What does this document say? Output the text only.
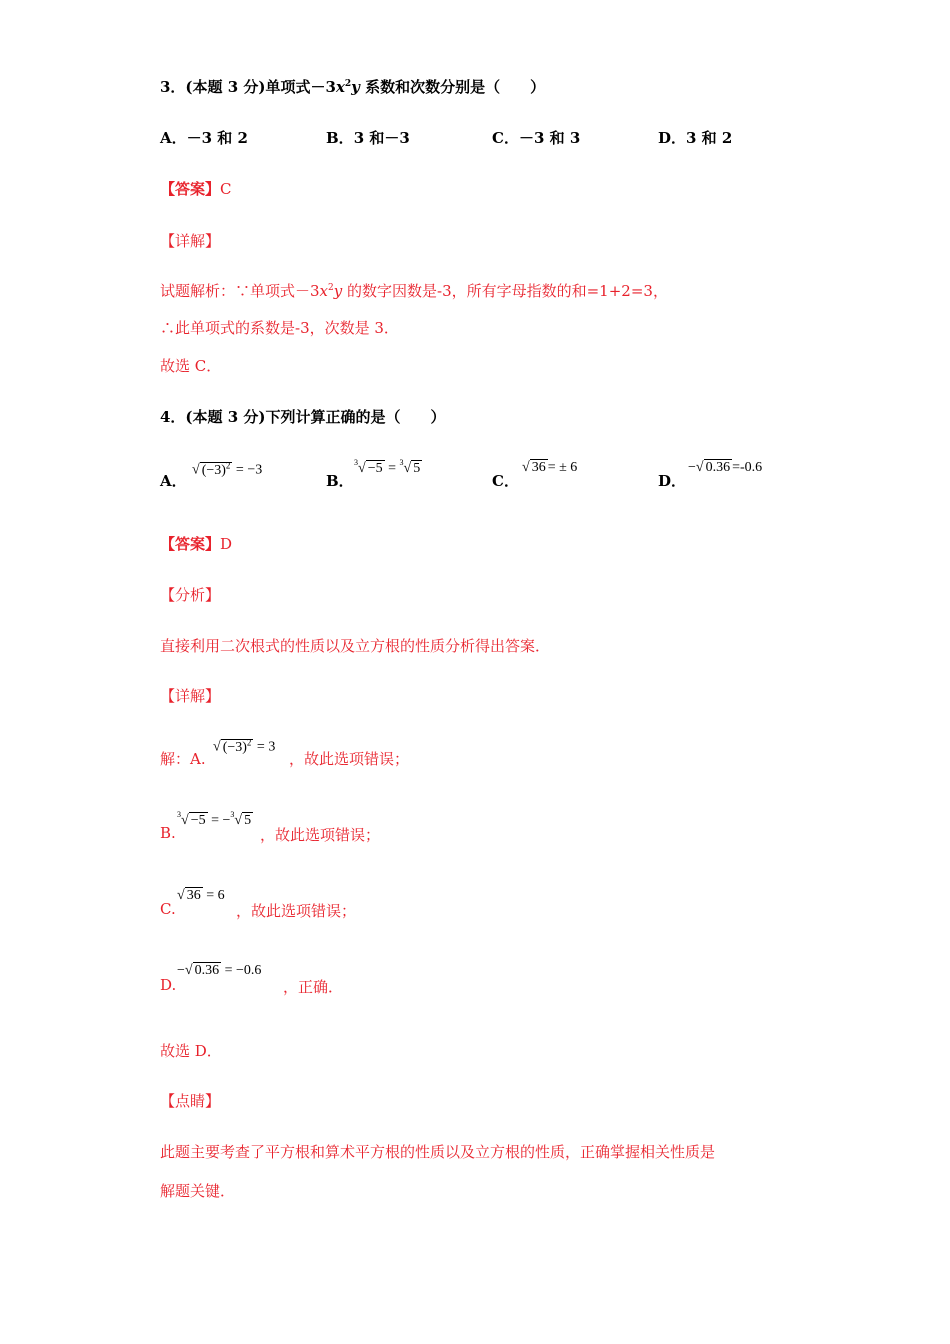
3．(本题 3 分)单项式$-3x^2y$ 系数和次数分别是（　　）
A．－3 和 2	B．3 和－3	C．－3 和 3	D．3 和 2
【答案】C
【详解】
试题解析：∵单项式$-3x^2y$ 的数字因数是-3，所有字母指数的和=1+2=3，
∴此单项式的系数是-3，次数是 3．
故选 C．
4．(本题 3 分)下列计算正确的是（　　）
A．
√ $(-3)^2 = -3$
B．
$^3$√ −5 = $^3$√ 5
C．
√ 36 = ± 6
D．
−√ 0.36 =-0.6
【答案】D
【分析】
直接利用二次根式的性质以及立方根的性质分析得出答案．
【详解】
解：A.
√ $(-3)^2 = 3$
，故此选项错误；
B.
$^3$√ −5 = −$^3$√ 5
，故此选项错误；
C.
√ 36 = 6
，故此选项错误；
D.
−√ 0.36 = −0.6
，正确．
故选 D．
【点睛】
此题主要考查了平方根和算术平方根的性质以及立方根的性质，正确掌握相关性质是
解题关键．
